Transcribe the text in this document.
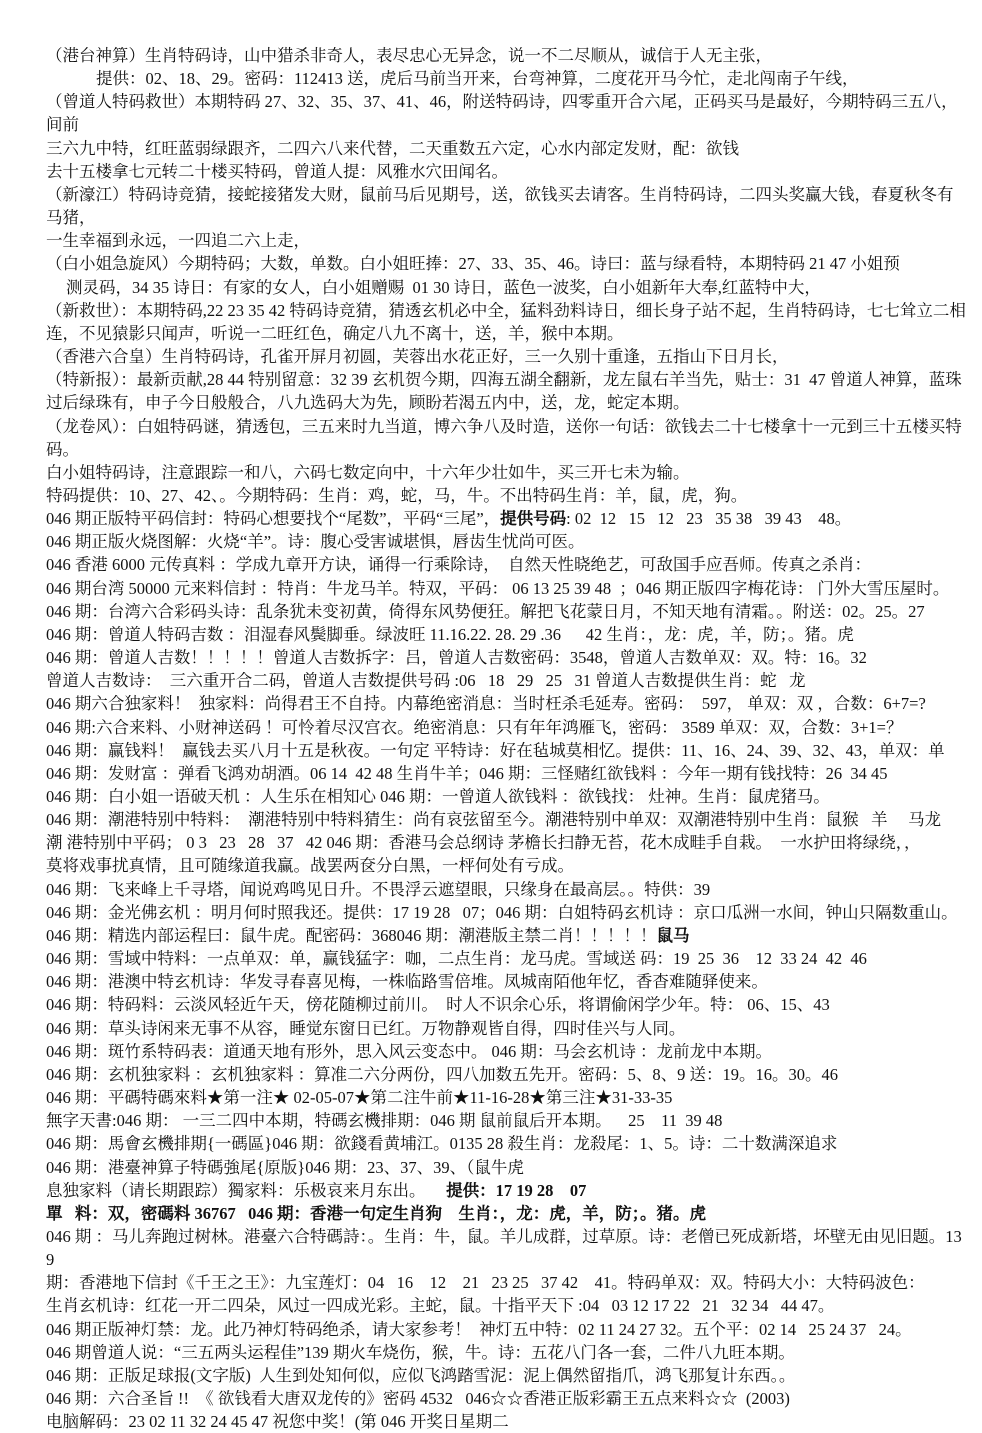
（港台神算）生肖特码诗，山中猎杀非奇人，表尽忠心无异念，说一不二尽顺从，诚信于人无主张，
提供：02、18、29。密码：112413 送，虎后马前当开来，台弯神算，二度花开马今忙，走北闯南子午线，
（曾道人特码救世）本期特码 27、32、35、37、41、46，附送特码诗，四零重开合六尾，正码买马是最好，今期特码三五八，间前
三六九中特，红旺蓝弱绿跟齐，二四六八来代替，二天重数五六定，心水内部定发财，配：欲钱
去十五楼拿七元转二十楼买特码，曾道人提：风雅水穴田闻名。
（新濠江）特码诗竞猜，接蛇接猪发大财，鼠前马后见期号，送，欲钱买去请客。生肖特码诗，二四头奖赢大钱，春夏秋冬有马猪，
一生幸福到永远，一四追二六上走，
（白小姐急旋风）今期特码；大数，单数。白小姐旺捧：27、33、35、46。诗曰：蓝与绿看特，本期特码 21 47 小姐预
测灵码，34 35 诗日：有家的女人，白小姐赠赐  01 30 诗日，蓝色一波奖，白小姐新年大奉,红蓝特中大，
（新救世）：本期特码,22 23 35 42 特码诗竞猜，猜透玄机必中全，猛料劲料诗日，细长身子站不起，生肖特码诗，七七耸立二相
连，不见猿影只闻声，听说一二旺红色，确定八九不离十，送，羊，猴中本期。
（香港六合皇）生肖特码诗，孔雀开屏月初圆，芙蓉出水花正好，三一久别十重逢，五指山下日月长，
（特新报）：最新贡献,28 44 特别留意：32 39 玄机贺今期，四海五湖全翻新，龙左鼠右羊当先，贴士：31  47 曾道人神算，蓝珠
过后绿珠有，申子今日般般合，八九选码大为先，顾盼若渴五内中，送，龙，蛇定本期。
（龙卷风）：白姐特码谜，猜透包，三五来时九当道，博六争八及时造，送你一句话：欲钱去二十七楼拿十一元到三十五楼买特码。
白小姐特码诗，注意跟踪一和八，六码七数定向中，十六年少壮如牛，买三开七未为输。
特码提供：10、27、42、。今期特码：生肖：鸡，蛇，马，牛。不出特码生肖：羊，鼠，虎，狗。
046 期正版特平码信封：特码心想要找个“尾数”，平码“三尾”，提供号码: 02  12   15   12   23   35 38   39 43    48。
046 期正版火烧图解：火烧“羊”。诗：腹心受害诚堪惧，唇齿生忧尚可医。
046 香港 6000 元传真料 ：学成九章开方诀，诵得一行乘除诗，  自然天性晓绝艺，可敌国手应吾师。传真之杀肖：
046 期台湾 50000 元来料信封 ：特肖：牛龙马羊。特双，平码： 06 13 25 39 48  ；046 期正版四字梅花诗： 门外大雪压屋时。
046 期：台湾六合彩码头诗：乱条犹未变初黄，倚得东风势便狂。解把飞花蒙日月，不知天地有清霜。。附送：02。25。27
046 期：曾道人特码吉数 ：泪湿春风鬓脚垂。绿波旺 11.16.22. 28. 29 .36      42 生肖：，龙：虎，羊，防；。猪。虎
046 期：曾道人吉数！！！！！曾道人吉数拆字：吕，曾道人吉数密码：3548，曾道人吉数单双：双。特：16。32
曾道人吉数诗：  三六重开合二码，曾道人吉数提供号码 :06   18   29   25   31 曾道人吉数提供生肖：蛇   龙
046 期六合独家料！  独家料：尚得君王不自持。内幕绝密消息：当时枉杀毛延寿。密码：  597， 单双：双 ，合数：6+7=?
046 期:六合来料、小财神送码 ！可怜着尽汉宫衣。绝密消息：只有年年鸿雁飞，密码： 3589 单双：双，合数：3+1=？
046 期：赢钱料！  赢钱去买八月十五是秋夜。一句定 平特诗：好在毡城莫相忆。提供：11、16、24、39、32、43，单双：单
046 期：发财富 ：弹看飞鸿劝胡酒。06 14  42 48 生肖牛羊；046 期：三怪赌红欲钱料 ：今年一期有钱找特：26  34 45
046 期：白小姐一语破天机 ：人生乐在相知心 046 期：一曾道人欲钱料 ：欲钱找： 灶神。生肖：鼠虎猪马。
046 期：潮港特别中特料：  潮港特别中特料猜生：尚有哀弦留至今。潮港特别中单双：双潮港特别中生肖：鼠猴   羊     马龙
潮 港特别中平码； 0 3   23   28   37   42 046 期：香港马会总纲诗 茅檐长扫静无苔，花木成畦手自栽。  一水护田将绿绕，，
莫将戏事扰真情，且可随缘道我赢。战罢两奁分白黑，一枰何处有亏成。
046 期：飞来峰上千寻塔，闻说鸡鸣见日升。不畏浮云遮望眼，只缘身在最高层。。特供：39
046 期：金光佛玄机 ：明月何时照我还。提供：17 19 28   07；046 期：白姐特码玄机诗 ：京口瓜洲一水间，钟山只隔数重山。
046 期：精选内部运程曰：鼠牛虎。配密码：368046 期：潮港版主禁二肖！！！！！鼠马
046 期：雪域中特料：一点单双：单，赢钱猛字：咖，二点生肖：龙马虎。雪域送 码：19  25  36    12  33 24  42  46
046 期：港澳中特玄机诗：华发寻春喜见梅，一株临路雪倍堆。凤城南陌他年忆，香杳难随驿使来。
046 期：特码料：云淡风轻近午天，傍花随柳过前川。  时人不识余心乐，将谓偷闲学少年。特： 06、15、43
046 期：草头诗闲来无事不从容，睡觉东窗日已红。万物静观皆自得，四时佳兴与人同。
046 期：斑竹系特码表：道通天地有形外，思入风云变态中。 046 期：马会玄机诗 ：龙前龙中本期。
046 期：玄机独家料 ：玄机独家料 ：算准二六分两份，四八加数五先开。密码：5、8、9 送：19。16。30。46
046 期：平碼特碼來料★第一注★ 02-05-07★第二注牛前★11-16-28★第三注★31-33-35
無字天書:046 期： 一三二四中本期，特碼玄機排期：046 期 鼠前鼠后开本期。    25    11  39 48
046 期：馬會玄機排期{一碼區}046 期：欲錢看黄埔江。0135 28 殺生肖：龙殺尾：1、5。诗：二十数满深追求
046 期：港臺神算子特碼強尾{原版}046 期：23、37、39、（鼠牛虎
息独家料（请长期跟踪）獨家料：乐极哀来月东出。     提供：17 19 28    07
單   料：双，密碼料 36767   046 期：香港一句定生肖狗    生肖：，龙：虎，羊，防；。猪。虎
046 期 ：马儿奔跑过树林。港臺六合特碼詩：。生肖：牛，鼠。羊儿成群，过草原。诗：老僧已死成新塔，坏壁无由见旧题。139
期：香港地下信封《千王之王》：九宝莲灯：04   16    12    21   23 25   37 42    41。特码单双：双。特码大小：大特码波色：
生肖玄机诗：红花一开二四朵，风过一四成光彩。主蛇，鼠。十指平天下 :04   03 12 17 22   21   32 34   44 47。
046 期正版神灯禁：龙。此乃神灯特码绝杀，请大家参考！  神灯五中特：02 11 24 27 32。五个平：02 14   25 24 37   24。
046 期曾道人说：“三五两头运程佳”139 期火车烧伤，猴，牛。诗：五花八门各一套，二件八九旺本期。
046 期：正版足球报(文字版)  人生到处知何似，应似飞鸿踏雪泥：泥上偶然留指爪，鸿飞那复计东西。。
046 期：六合圣旨 !!  《 欲钱看大唐双龙传的》密码 4532   046☆☆香港正版彩霸王五点来料☆☆  (2003)
电脑解码：23 02 11 32 24 45 47 祝您中奖！(第 046 开奖日星期二
